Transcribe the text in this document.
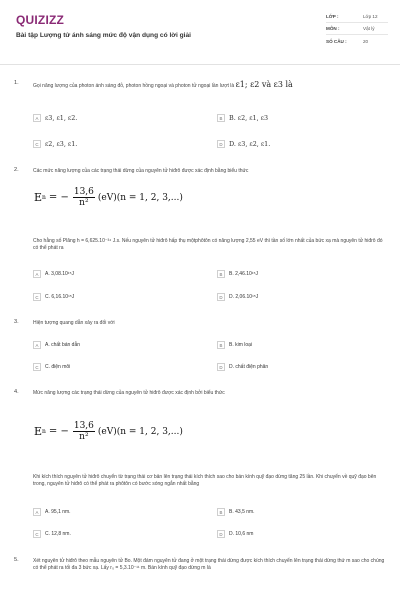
QUIZIZZ
Bài tập Lượng tử ánh sáng mức độ vận dụng có lời giải
LỚP :	Lớp 12
MÔN :	Vật lý
SỐ CÂU :	20
1.	Gọi năng lượng của photon ánh sáng đỏ, photon hồng ngoại và photon tử ngoại lần lượt là ε1; ε2 và ε3 là
A	ε3, ε1, ε2.	B	B. ε2, ε1, ε3
C	ε2, ε3, ε1.	D	D. ε3, ε2, ε1.
2.	Các mức năng lượng của các trạng thái dừng của nguyên tử hiđrô được xác định bằng biểu thức
E n = − $\frac{13,6}{\text{n²}} (eV)(n = 1$, 2, 3,...)
Cho hằng số Plăng h = 6,625.10⁻³⁴ J.s. Nếu nguyên tử hiđrô hấp thụ mộtphôtôn có năng lượng 2,55 eV thì tần số lớn nhất của bức xạ mà nguyên tử hiđrô đó có thể phát ra
A	A. 3,08.10¹⁵J	B	B. 2,46.10¹⁵J
C	C. 6,16.10¹⁵J	D	D. 2,06.10¹⁵J
3.	Hiện tượng quang dẫn xảy ra đối với
A	A. chất bán dẫn	B	B. kim loại
C	C. điện môi	D	D. chất điện phân
4.	Mức năng lượng các trạng thái dừng của nguyên tử hiđrô được xác định bởi biểu thức
E n = − $\frac{13,6}{\text{n²}} (eV)(n = 1$, 2, 3,...)
Khi kích thích nguyên tử hiđrô chuyển từ trạng thái cơ bản lên trạng thái kích thích sao cho bán kính quỹ đạo dừng tăng 25 lần. Khi chuyển về quỹ đạo bên trong, nguyên tử hiđrô có thể phát ra phôtôn có bước sóng ngắn nhất bằng
A	A. 95,1 nm.	B	B. 43,5 nm.
C	C. 12,8 nm.	D	D. 10,6 nm
5.	Xét nguyên tử hiđrô theo mẫu nguyên tử Bo. Một đám nguyên tử đang ở một trạng thái dừng được kích thích chuyển lên trạng thái dừng thứ m sao cho chúng có thể phát ra tối đa 3 bức xạ. Lấy r₀ = 5,3.10⁻¹¹ m. Bán kính quỹ đạo dừng m là
